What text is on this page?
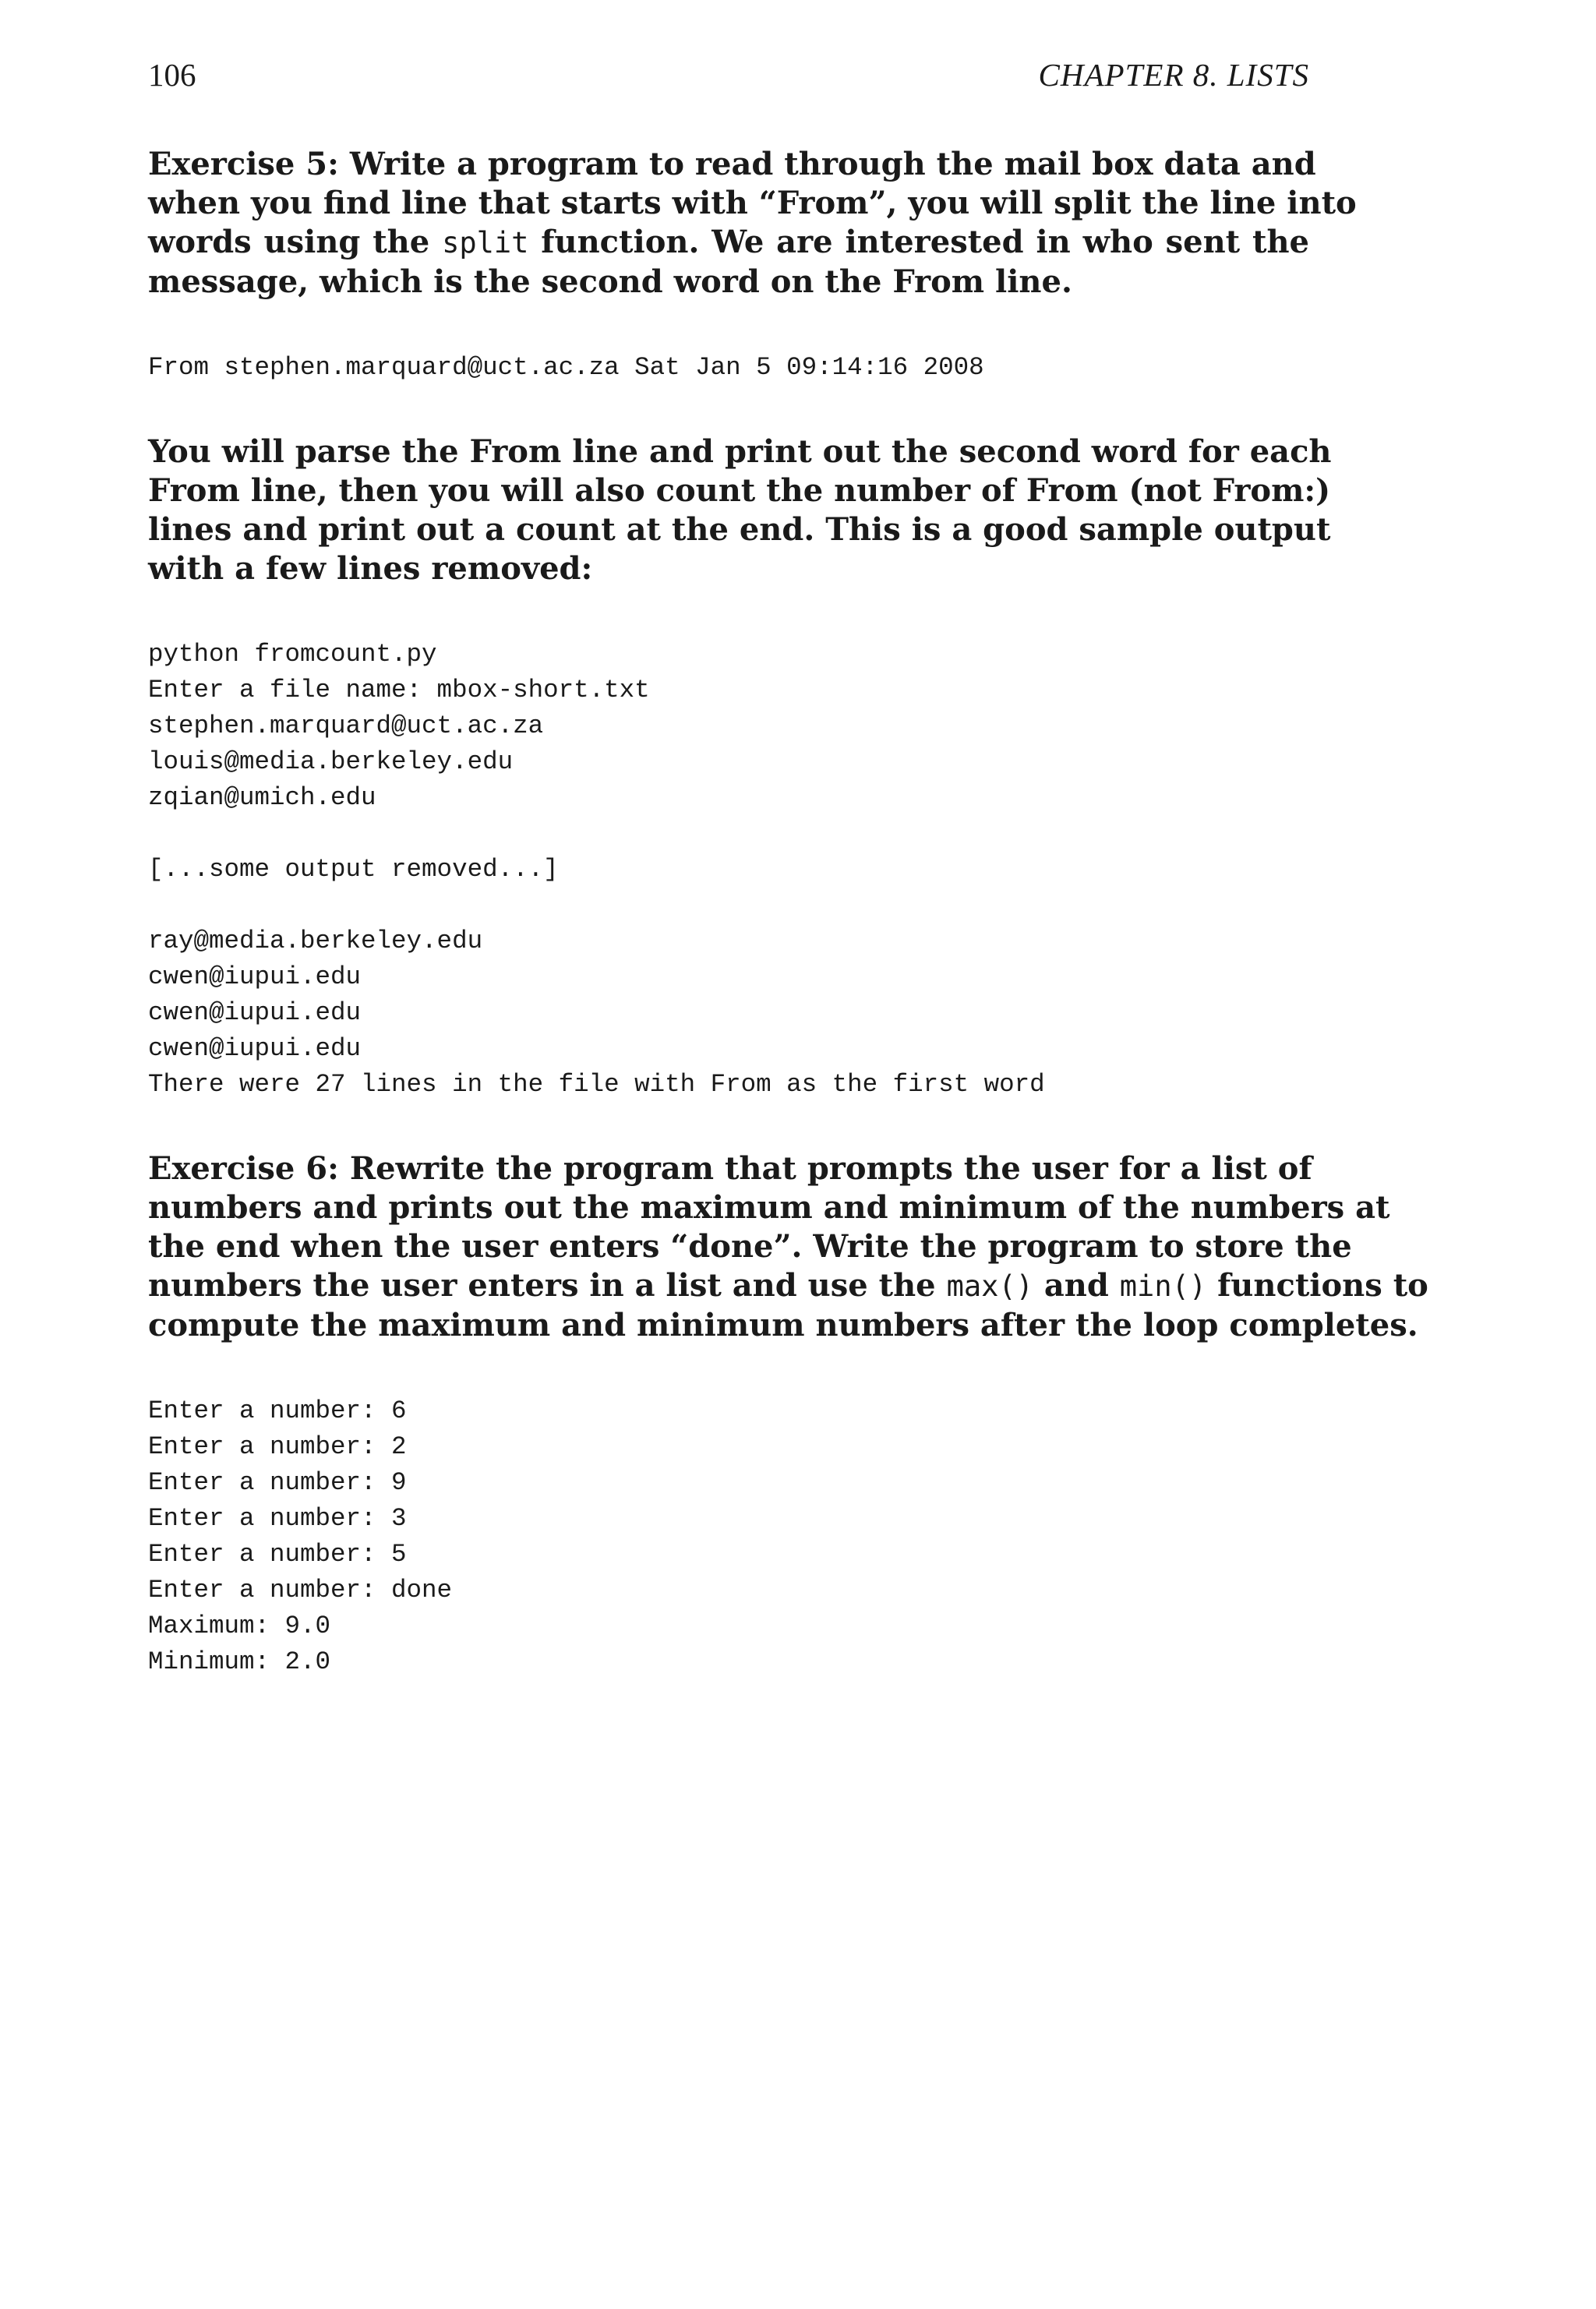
106	CHAPTER 8. LISTS
Exercise 5: Write a program to read through the mail box data and
when you find line that starts with “From”, you will split the line into
words using the split function. We are interested in who sent the
message, which is the second word on the From line.
From stephen.marquard@uct.ac.za Sat Jan 5 09:14:16 2008
You will parse the From line and print out the second word for each
From line, then you will also count the number of From (not From:)
lines and print out a count at the end. This is a good sample output
with a few lines removed:
python fromcount.py
Enter a file name: mbox-short.txt
stephen.marquard@uct.ac.za
louis@media.berkeley.edu
zqian@umich.edu

[...some output removed...]

ray@media.berkeley.edu
cwen@iupui.edu
cwen@iupui.edu
cwen@iupui.edu
There were 27 lines in the file with From as the first word
Exercise 6: Rewrite the program that prompts the user for a list of
numbers and prints out the maximum and minimum of the numbers at
the end when the user enters “done”. Write the program to store the
numbers the user enters in a list and use the max() and min() functions to
compute the maximum and minimum numbers after the loop completes.
Enter a number: 6
Enter a number: 2
Enter a number: 9
Enter a number: 3
Enter a number: 5
Enter a number: done
Maximum: 9.0
Minimum: 2.0
